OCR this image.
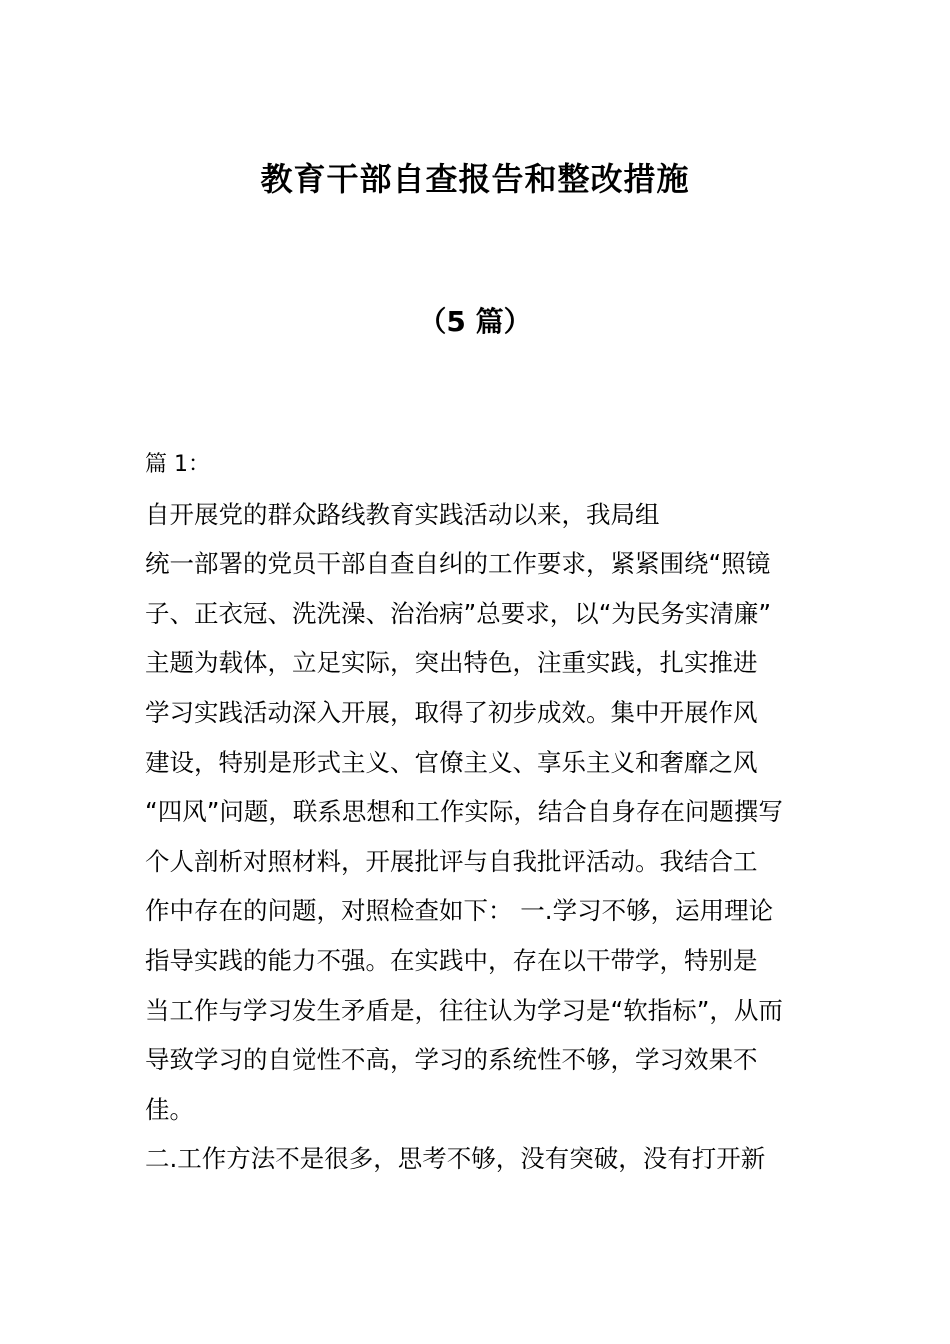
教育干部自查报告和整改措施
（5 篇）
篇 1：
自开展党的群众路线教育实践活动以来，我局组
统一部署的党员干部自查自纠的工作要求，紧紧围绕“照镜
子、正衣冠、洗洗澡、治治病”总要求，以“为民务实清廉”
主题为载体，立足实际，突出特色，注重实践，扎实推进
学习实践活动深入开展，取得了初步成效。集中开展作风
建设，特别是形式主义、官僚主义、享乐主义和奢靡之风
“四风”问题，联系思想和工作实际，结合自身存在问题撰写
个人剖析对照材料，开展批评与自我批评活动。我结合工
作中存在的问题，对照检查如下： 一.学习不够，运用理论
指导实践的能力不强。在实践中，存在以干带学，特别是
当工作与学习发生矛盾是，往往认为学习是“软指标”，从而
导致学习的自觉性不高，学习的系统性不够，学习效果不
佳。
二.工作方法不是很多，思考不够，没有突破，没有打开新
